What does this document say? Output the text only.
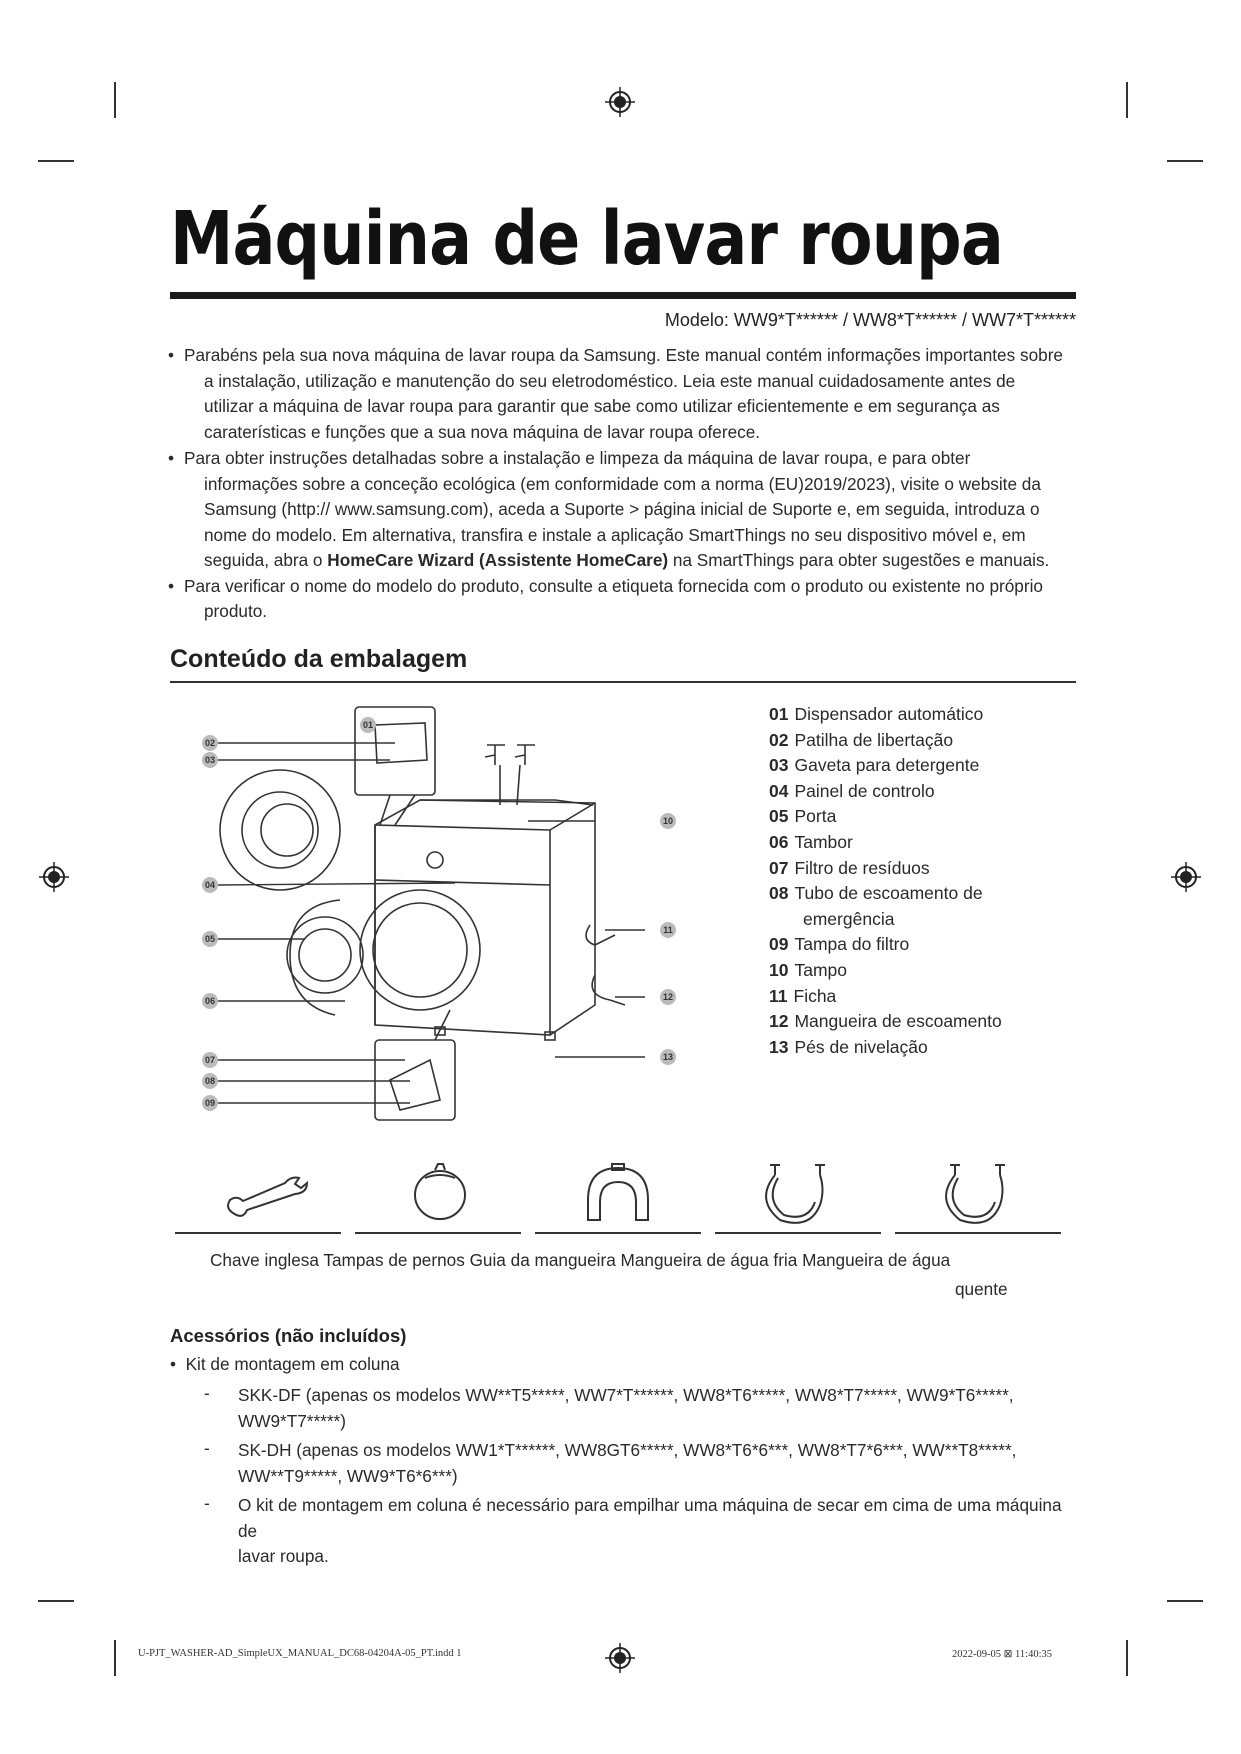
Máquina de lavar roupa
Modelo: WW9*T****** / WW8*T****** / WW7*T******
• Parabéns pela sua nova máquina de lavar roupa da Samsung. Este manual contém informações importantes sobre a instalação, utilização e manutenção do seu eletrodoméstico. Leia este manual cuidadosamente antes de utilizar a máquina de lavar roupa para garantir que sabe como utilizar eficientemente e em segurança as caraterísticas e funções que a sua nova máquina de lavar roupa oferece.
• Para obter instruções detalhadas sobre a instalação e limpeza da máquina de lavar roupa, e para obter informações sobre a conceção ecológica (em conformidade com a norma (EU)2019/2023), visite o website da Samsung (http:// www.samsung.com), aceda a Suporte > página inicial de Suporte e, em seguida, introduza o nome do modelo. Em alternativa, transfira e instale a aplicação SmartThings no seu dispositivo móvel e, em seguida, abra o HomeCare Wizard (Assistente HomeCare) na SmartThings para obter sugestões e manuais.
• Para verificar o nome do modelo do produto, consulte a etiqueta fornecida com o produto ou existente no próprio produto.
Conteúdo da embalagem
01
02
03
04
05
06
07
08
09
10
11
12
13
01 Dispensador automático
02 Patilha de libertação
03 Gaveta para detergente
04 Painel de controlo
05 Porta
06 Tambor
07 Filtro de resíduos
08 Tubo de escoamento de
emergência
09 Tampa do filtro
10 Tampo
11 Ficha
12 Mangueira de escoamento
13 Pés de nivelação
Chave inglesa Tampas de pernos Guia da mangueira Mangueira de água fria Mangueira de água
quente
Acessórios (não incluídos)
• Kit de montagem em coluna
- SKK-DF (apenas os modelos WW**T5*****, WW7*T******, WW8*T6*****, WW8*T7*****, WW9*T6*****,
WW9*T7*****)
- SK-DH (apenas os modelos WW1*T******, WW8GT6*****, WW8*T6*6***, WW8*T7*6***, WW**T8*****,
WW**T9*****, WW9*T6*6***)
- O kit de montagem em coluna é necessário para empilhar uma máquina de secar em cima de uma máquina de
lavar roupa.
U-PJT_WASHER-AD_SimpleUX_MANUAL_DC68-04204A-05_PT.indd 1	2022-09-05 ⊠ 11:40:35
